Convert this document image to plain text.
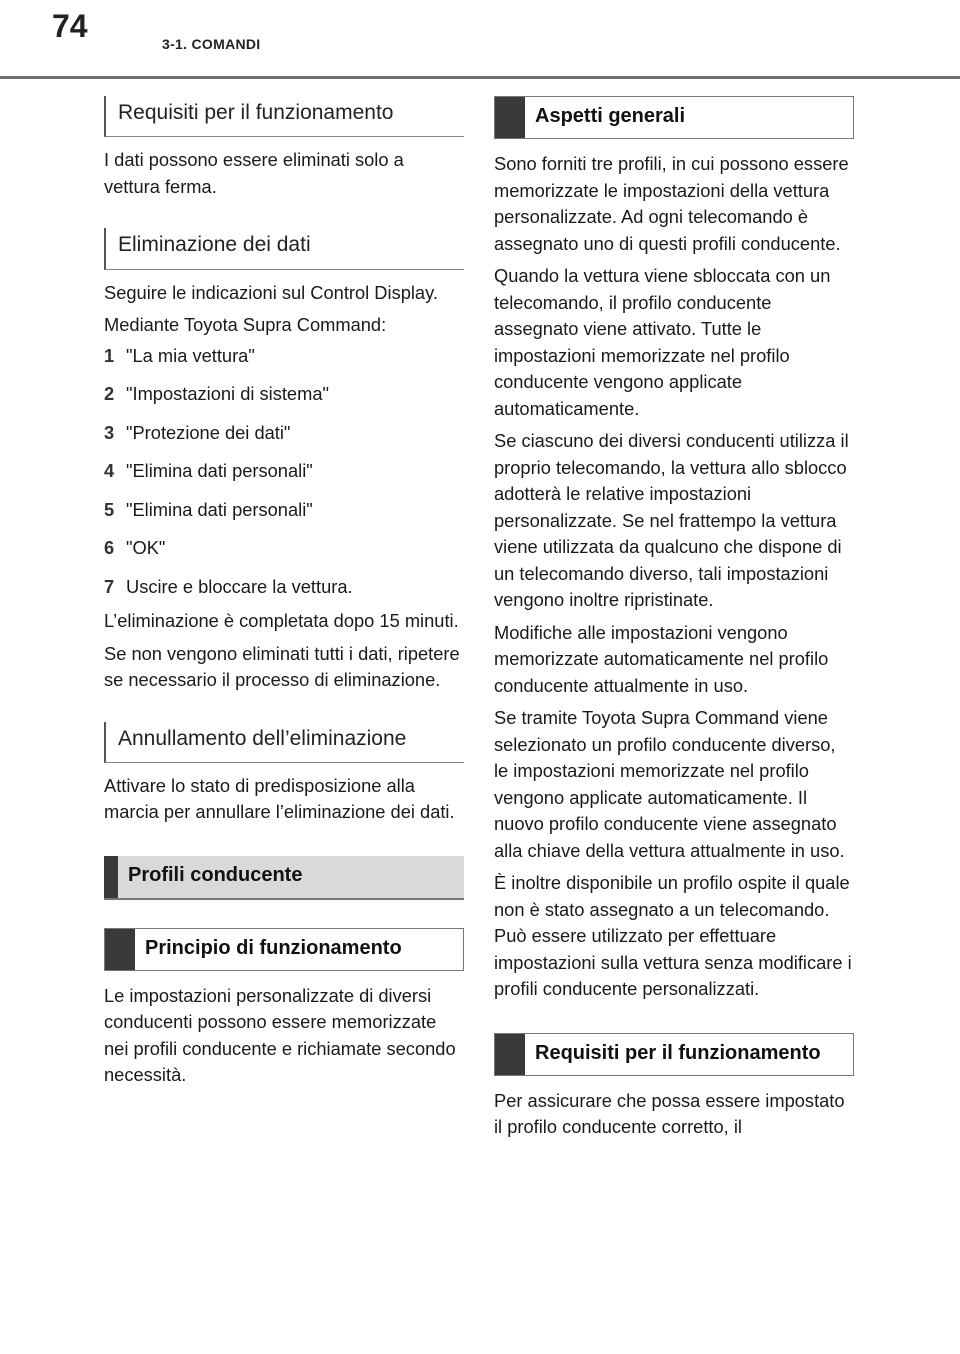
74	3-1. COMANDI
Requisiti per il funzionamento

I dati possono essere eliminati solo a vettura ferma.

Eliminazione dei dati

Seguire le indicazioni sul Control Display.

Mediante Toyota Supra Command:

1 "La mia vettura"
2 "Impostazioni di sistema"
3 "Protezione dei dati"
4 "Elimina dati personali"
5 "Elimina dati personali"
6 "OK"
7 Uscire e bloccare la vettura.

L’eliminazione è completata dopo 15 minuti.

Se non vengono eliminati tutti i dati, ripetere se necessario il processo di eliminazione.

Annullamento dell’eliminazione

Attivare lo stato di predisposizione alla marcia per annullare l’eliminazione dei dati.

Profili conducente
Principio di funzionamento

Le impostazioni personalizzate di diversi conducenti possono essere memorizzate nei profili conducente e richiamate secondo necessità.

Aspetti generali

Sono forniti tre profili, in cui possono essere memorizzate le impostazioni della vettura personalizzate. Ad ogni telecomando è assegnato uno di questi profili conducente.

Quando la vettura viene sbloccata con un telecomando, il profilo conducente assegnato viene attivato. Tutte le impostazioni memorizzate nel profilo conducente vengono applicate automaticamente.

Se ciascuno dei diversi conducenti utilizza il proprio telecomando, la vettura allo sblocco adotterà le relative impostazioni personalizzate. Se nel frattempo la vettura viene utilizzata da qualcuno che dispone di un telecomando diverso, tali impostazioni vengono inoltre ripristinate.

Modifiche alle impostazioni vengono memorizzate automaticamente nel profilo conducente attualmente in uso.

Se tramite Toyota Supra Command viene selezionato un profilo conducente diverso, le impostazioni memorizzate nel profilo vengono applicate automaticamente. Il nuovo profilo conducente viene assegnato alla chiave della vettura attualmente in uso.

È inoltre disponibile un profilo ospite il quale non è stato assegnato a un telecomando. Può essere utilizzato per effettuare impostazioni sulla vettura senza modificare i profili conducente personalizzati.

Requisiti per il funzionamento

Per assicurare che possa essere impostato il profilo conducente corretto, il
